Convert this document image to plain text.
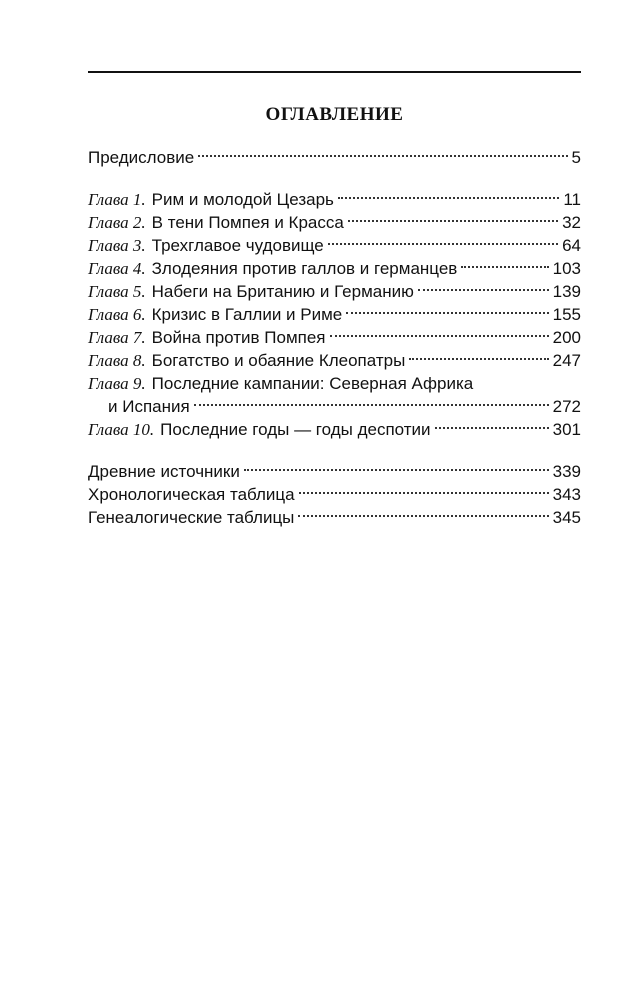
ОГЛАВЛЕНИЕ
Предисловие	5
Глава 1. Рим и молодой Цезарь	11
Глава 2. В тени Помпея и Красса	32
Глава 3. Трехглавое чудовище	64
Глава 4. Злодеяния против галлов и германцев	103
Глава 5. Набеги на Британию и Германию	139
Глава 6. Кризис в Галлии и Риме	155
Глава 7. Война против Помпея	200
Глава 8. Богатство и обаяние Клеопатры	247
Глава 9. Последние кампании: Северная Африка
и Испания	272
Глава 10. Последние годы — годы деспотии	301
Древние источники	339
Хронологическая таблица	343
Генеалогические таблицы	345
